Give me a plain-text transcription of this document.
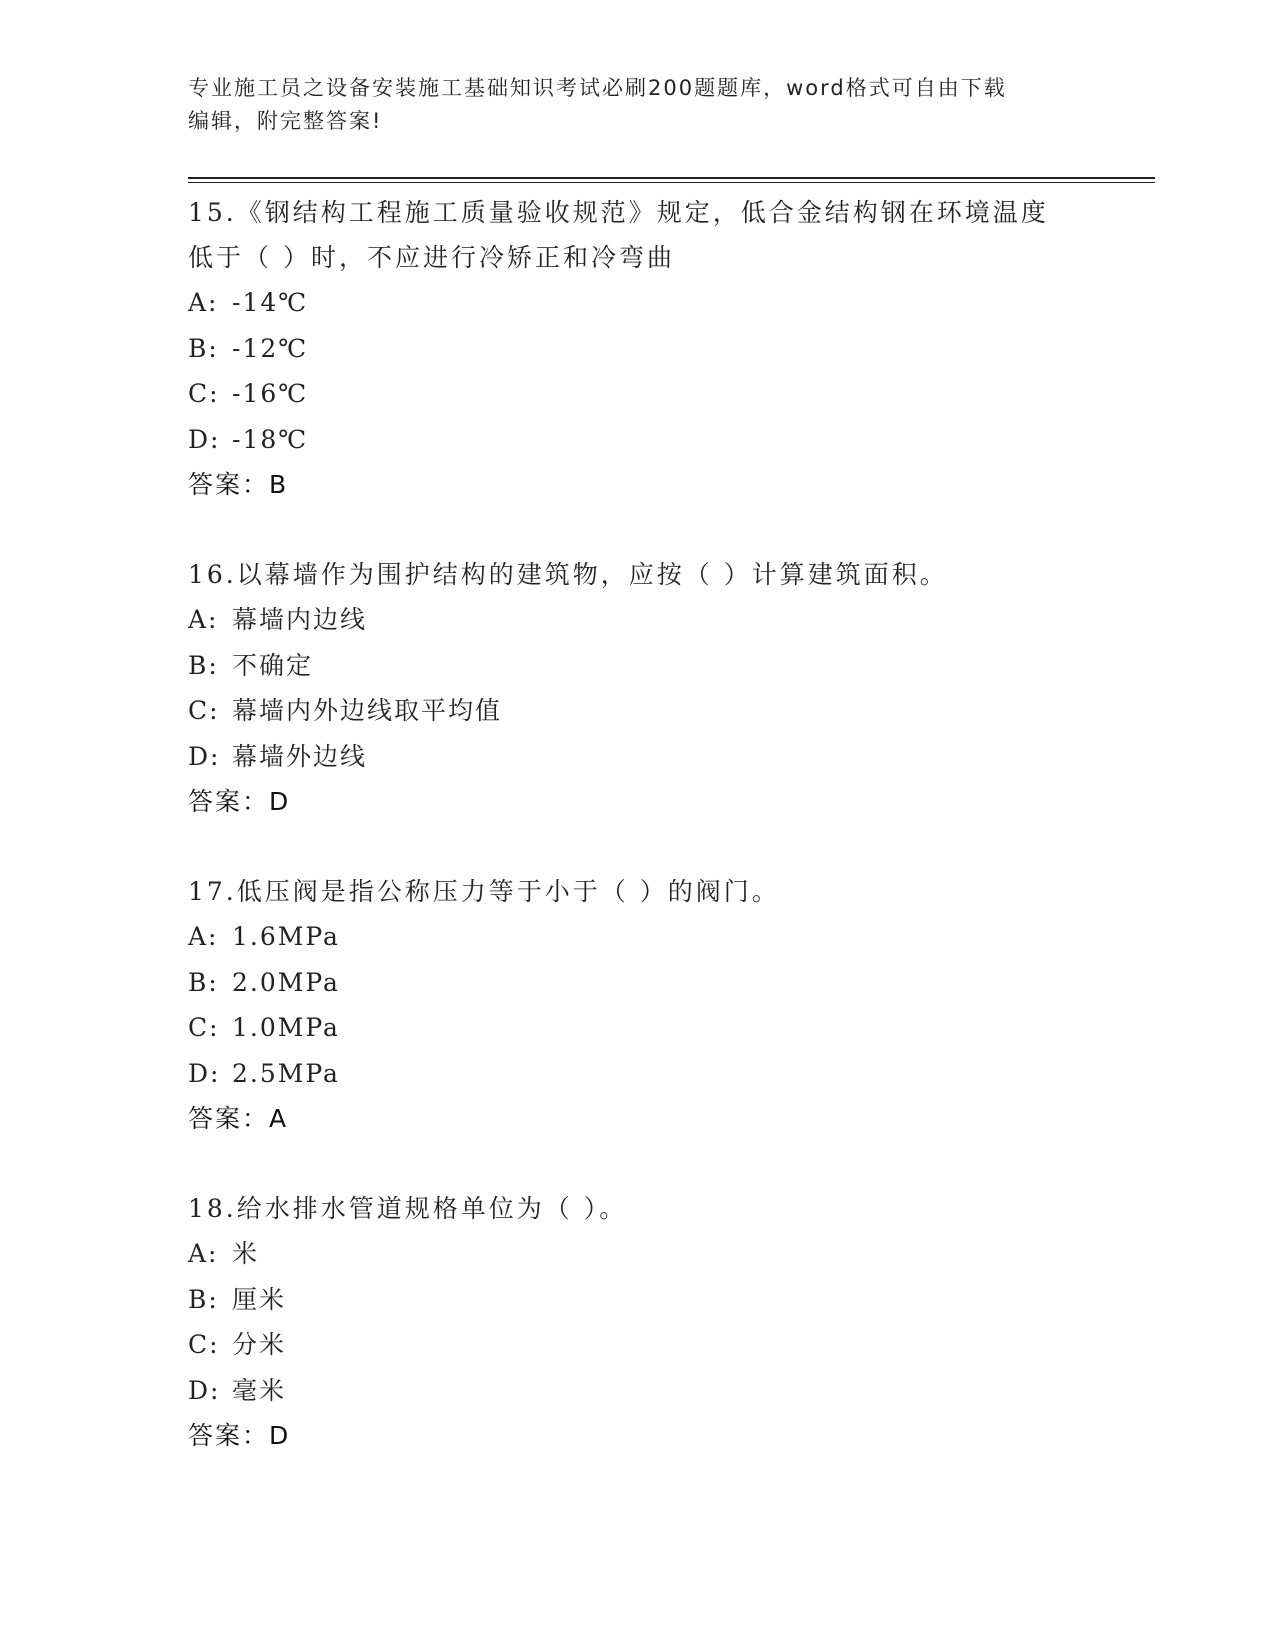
专业施工员之设备安装施工基础知识考试必刷200题题库，word格式可自由下载
编辑，附完整答案!
15.《钢结构工程施工质量验收规范》规定，低合金结构钢在环境温度
低于（ ）时，不应进行冷矫正和冷弯曲
A: -14℃
B: -12℃
C: -16℃
D: -18℃
答案：B
16.以幕墙作为围护结构的建筑物，应按（ ）计算建筑面积。
A: 幕墙内边线
B: 不确定
C: 幕墙内外边线取平均值
D: 幕墙外边线
答案：D
17.低压阀是指公称压力等于小于（ ）的阀门。
A: 1.6MPa
B: 2.0MPa
C: 1.0MPa
D: 2.5MPa
答案：A
18.给水排水管道规格单位为（ ）。
A: 米
B: 厘米
C: 分米
D: 毫米
答案：D
